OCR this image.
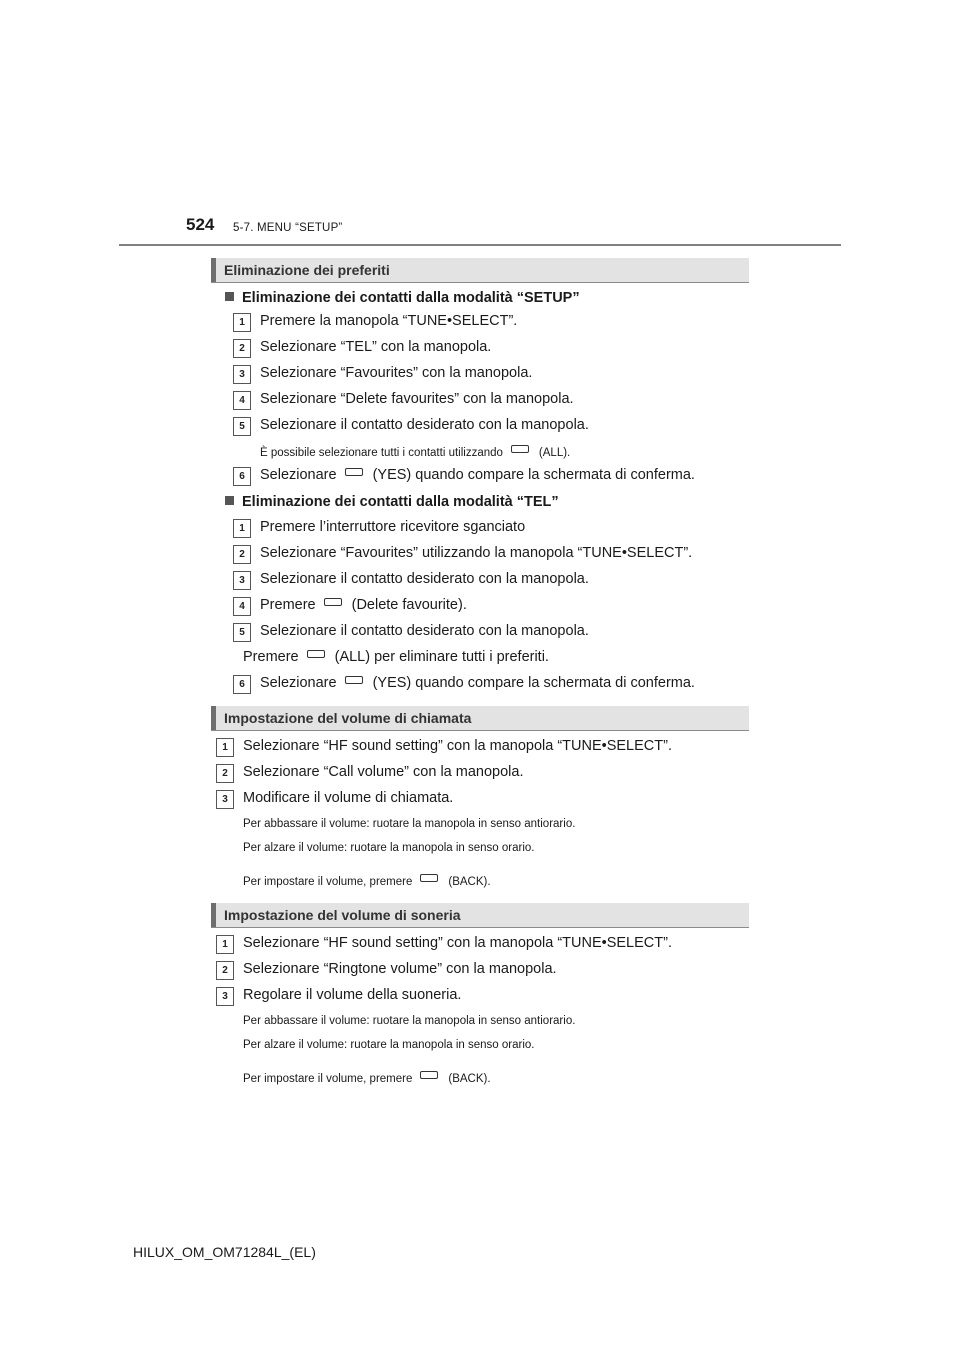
524 5-7. MENU “SETUP”
Eliminazione dei preferiti
Eliminazione dei contatti dalla modalità “SETUP”
1	Premere la manopola “TUNE•SELECT”.
2	Selezionare “TEL” con la manopola.
3	Selezionare “Favourites” con la manopola.
4	Selezionare “Delete favourites” con la manopola.
5	Selezionare il contatto desiderato con la manopola.
È possibile selezionare tutti i contatti utilizzando	(ALL).
6	Selezionare (YES) quando compare la schermata di conferma.
Eliminazione dei contatti dalla modalità “TEL”
1	Premere l’interruttore ricevitore sganciato
2	Selezionare “Favourites” utilizzando la manopola “TUNE•SELECT”.
3	Selezionare il contatto desiderato con la manopola.
4	Premere (Delete favourite).
5	Selezionare il contatto desiderato con la manopola.
Premere (ALL) per eliminare tutti i preferiti.
6	Selezionare (YES) quando compare la schermata di conferma.
Impostazione del volume di chiamata
1	Selezionare “HF sound setting” con la manopola “TUNE•SELECT”.
2	Selezionare “Call volume” con la manopola.
3	Modificare il volume di chiamata.
Per abbassare il volume: ruotare la manopola in senso antiorario.
Per alzare il volume: ruotare la manopola in senso orario.
Per impostare il volume, premere	(BACK).
Impostazione del volume di soneria
1	Selezionare “HF sound setting” con la manopola “TUNE•SELECT”.
2	Selezionare “Ringtone volume” con la manopola.
3	Regolare il volume della suoneria.
Per abbassare il volume: ruotare la manopola in senso antiorario.
Per alzare il volume: ruotare la manopola in senso orario.
Per impostare il volume, premere	(BACK).
HILUX_OM_OM71284L_(EL)
